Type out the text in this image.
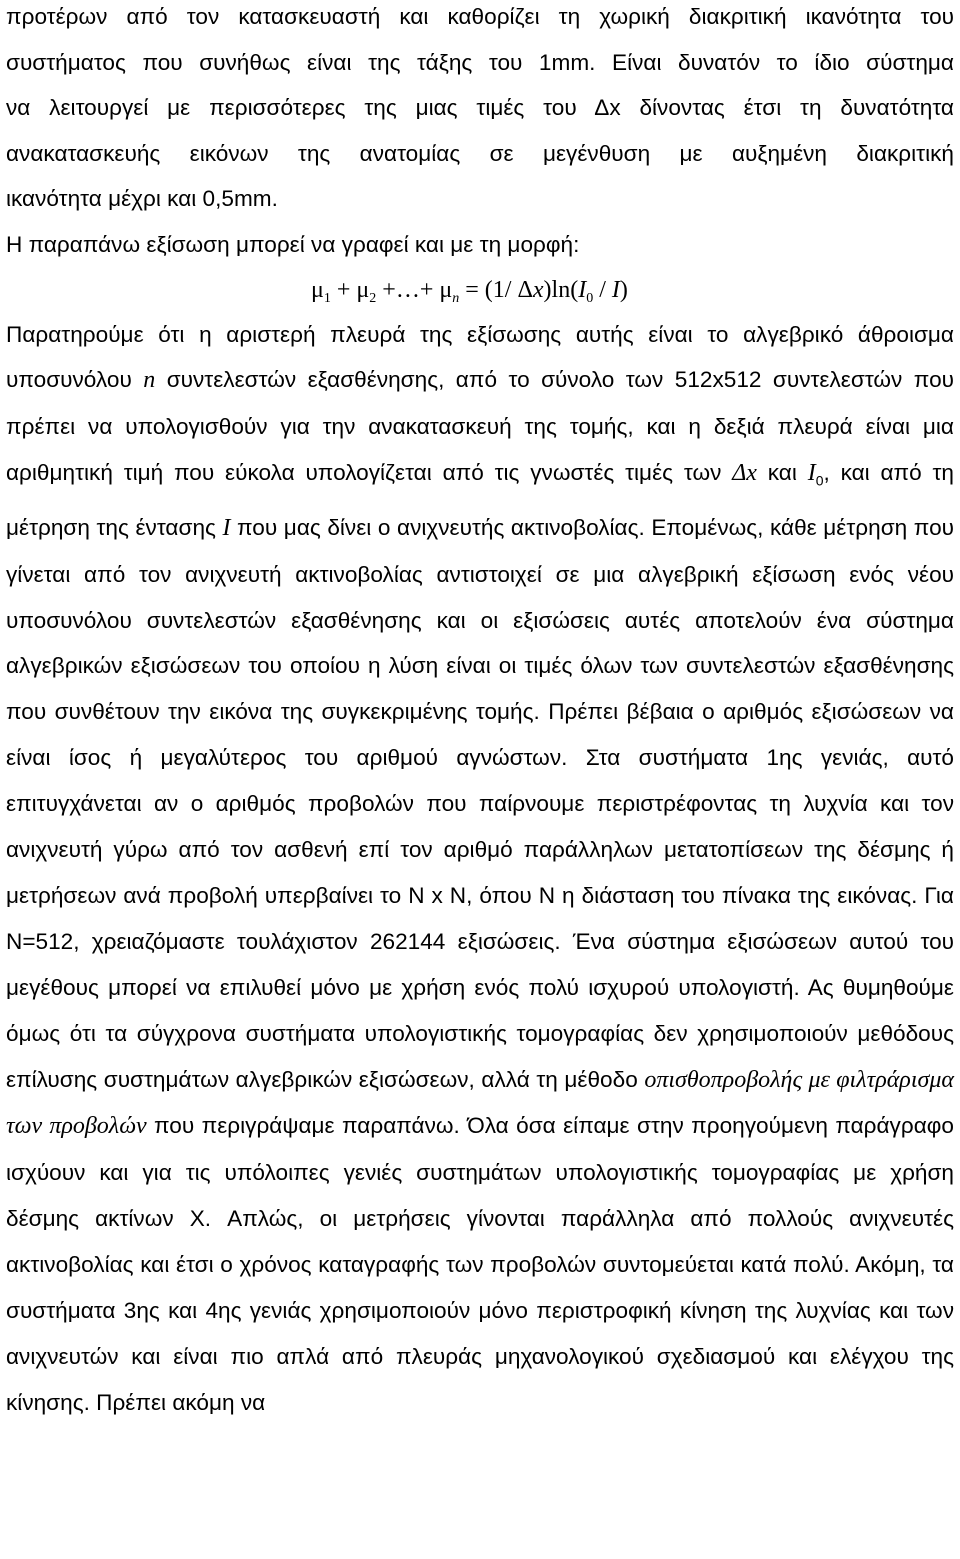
προτέρων από τον κατασκευαστή και καθορίζει τη χωρική διακριτική ικανότητα του
συστήματος που συνήθως είναι της τάξης του 1mm. Είναι δυνατόν το ίδιο σύστημα
να λειτουργεί με περισσότερες της μιας τιμές του Δx δίνοντας έτσι τη δυνατότητα
ανακατασκευής εικόνων της ανατομίας σε μεγένθυση με αυξημένη διακριτική
ικανότητα μέχρι και 0,5mm.
Η παραπάνω εξίσωση μπορεί να γραφεί και με τη μορφή:
$\mu_1 + \mu_2$ +…+ $\mu_n = (1/$ $\Delta x)\ln(I_0 / I)$

Παρατηρούμε ότι η αριστερή πλευρά της εξίσωσης αυτής είναι το αλγεβρικό άθροισμα υποσυνόλου n συντελεστών εξασθένησης, από το σύνολο των 512x512 συντελεστών που πρέπει να υπολογισθούν για την ανακατασκευή της τομής, και η δεξιά πλευρά είναι μια αριθμητική τιμή που εύκολα υπολογίζεται από τις γνωστές τιμές των Δx και $I_0$, και από τη μέτρηση της έντασης I που μας δίνει ο ανιχνευτής ακτινοβολίας. Επομένως, κάθε μέτρηση που γίνεται από τον ανιχνευτή ακτινοβολίας αντιστοιχεί σε μια αλγεβρική εξίσωση ενός νέου υποσυνόλου συντελεστών εξασθένησης και οι εξισώσεις αυτές αποτελούν ένα σύστημα αλγεβρικών εξισώσεων του οποίου η λύση είναι οι τιμές όλων των συντελεστών εξασθένησης που συνθέτουν την εικόνα της συγκεκριμένης τομής. Πρέπει βέβαια ο αριθμός εξισώσεων να είναι ίσος ή μεγαλύτερος του αριθμού αγνώστων. Στα συστήματα 1ης γενιάς, αυτό επιτυγχάνεται αν ο αριθμός προβολών που παίρνουμε περιστρέφοντας τη λυχνία και τον ανιχνευτή γύρω από τον ασθενή επί τον αριθμό παράλληλων μετατοπίσεων της δέσμης ή μετρήσεων ανά προβολή υπερβαίνει το N x N, όπου N η διάσταση του πίνακα της εικόνας. Για N=512, χρειαζόμαστε τουλάχιστον 262144 εξισώσεις. Ένα σύστημα εξισώσεων αυτού του μεγέθους μπορεί να επιλυθεί μόνο με χρήση ενός πολύ ισχυρού υπολογιστή. Ας θυμηθούμε όμως ότι τα σύγχρονα συστήματα υπολογιστικής τομογραφίας δεν χρησιμοποιούν μεθόδους επίλυσης συστημάτων αλγεβρικών εξισώσεων, αλλά τη μέθοδο οπισθοπροβολής με φιλτράρισμα των προβολών που περιγράψαμε παραπάνω. Όλα όσα είπαμε στην προηγούμενη παράγραφο ισχύουν και για τις υπόλοιπες γενιές συστημάτων υπολογιστικής τομογραφίας με χρήση δέσμης ακτίνων X. Απλώς, οι μετρήσεις γίνονται παράλληλα από πολλούς ανιχνευτές ακτινοβολίας και έτσι ο χρόνος καταγραφής των προβολών συντομεύεται κατά πολύ. Ακόμη, τα συστήματα 3ης και 4ης γενιάς χρησιμοποιούν μόνο περιστροφική κίνηση της λυχνίας και των ανιχνευτών και είναι πιο απλά από πλευράς μηχανολογικού σχεδιασμού και ελέγχου της κίνησης. Πρέπει ακόμη να
